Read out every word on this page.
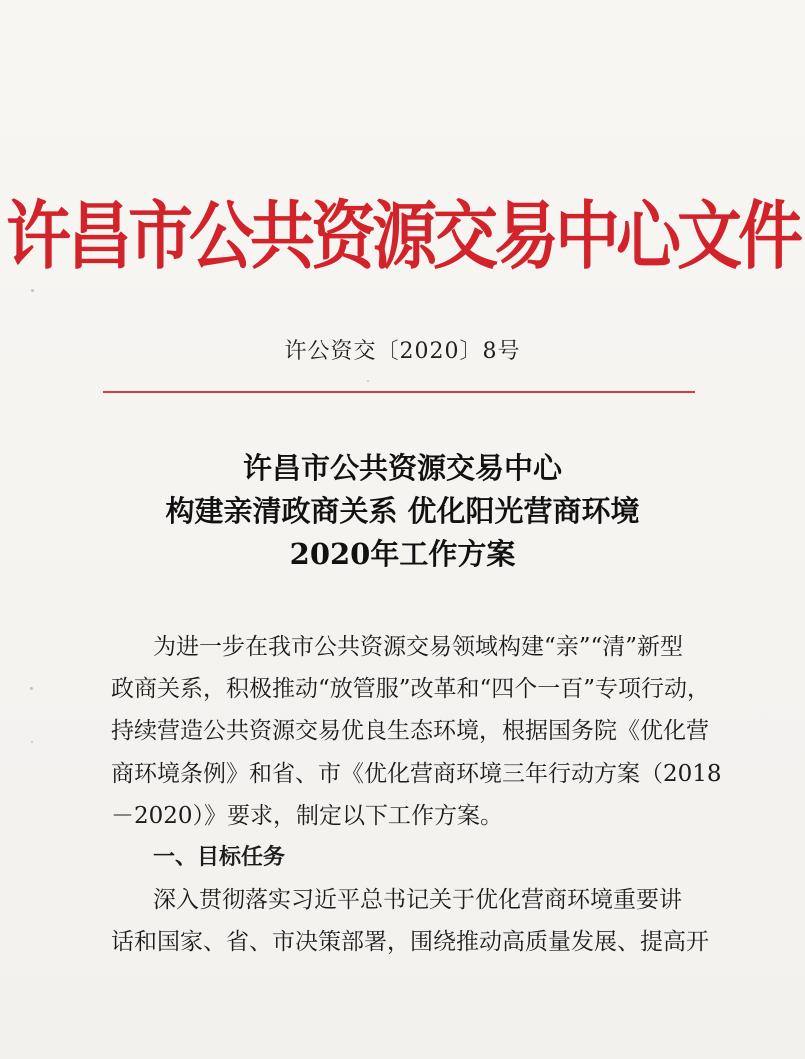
许昌市公共资源交易中心文件
许公资交〔2020〕8号
许昌市公共资源交易中心
构建亲清政商关系 优化阳光营商环境
2020年工作方案
为进一步在我市公共资源交易领域构建“亲”“清”新型
政商关系，积极推动“放管服”改革和“四个一百”专项行动，
持续营造公共资源交易优良生态环境，根据国务院《优化营
商环境条例》和省、市《优化营商环境三年行动方案（2018
－2020）》要求，制定以下工作方案。
一、目标任务
深入贯彻落实习近平总书记关于优化营商环境重要讲
话和国家、省、市决策部署，围绕推动高质量发展、提高开
